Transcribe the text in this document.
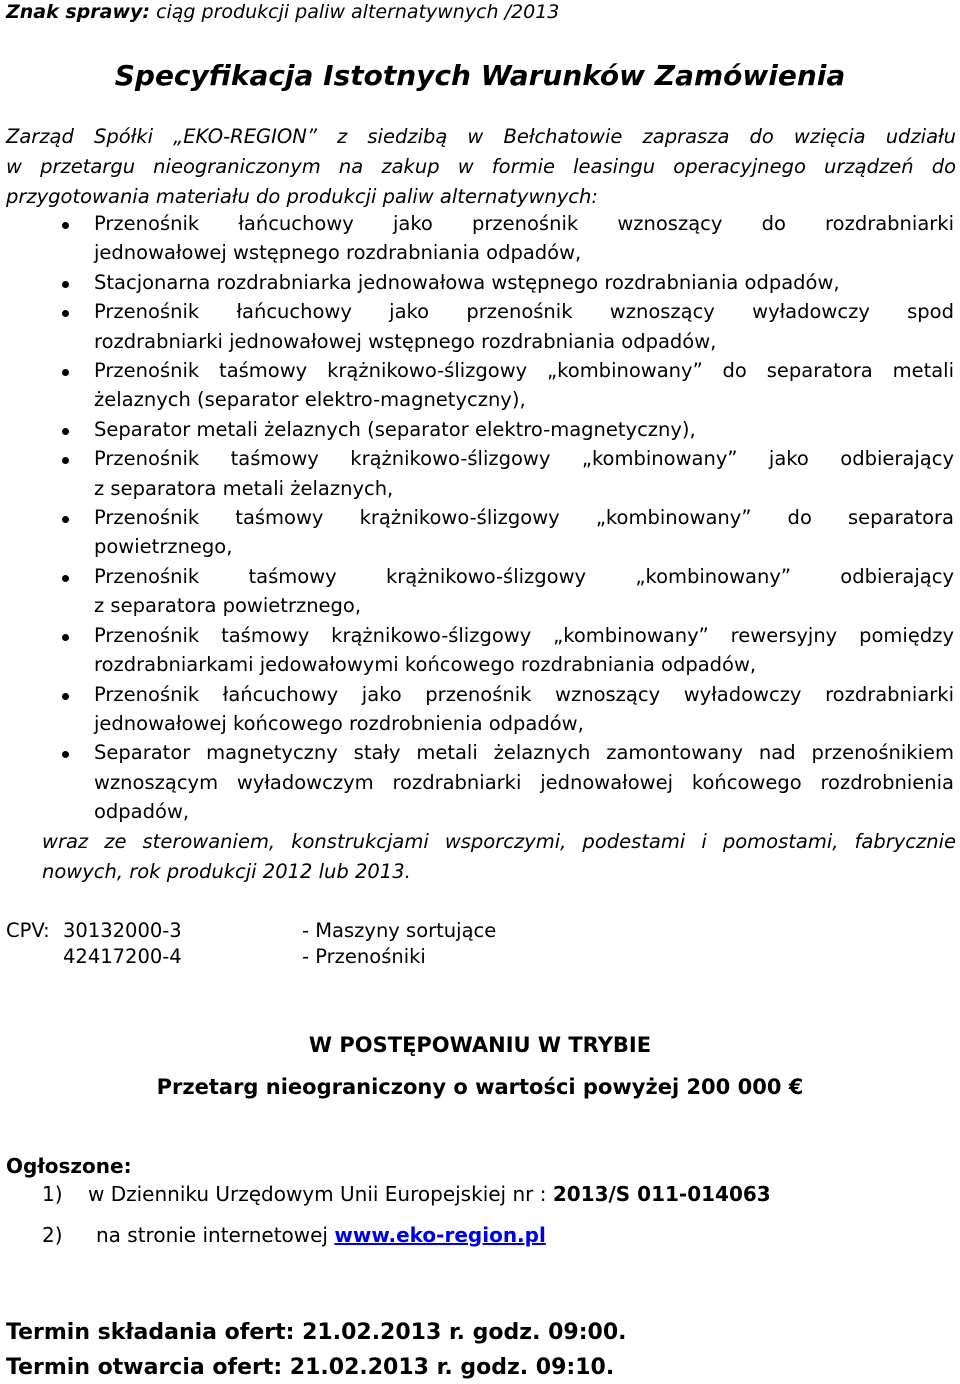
Znak sprawy: ciąg produkcji paliw alternatywnych /2013
Specyfikacja Istotnych Warunków Zamówienia
Zarząd Spółki „EKO-REGION” z siedzibą w Bełchatowie zaprasza do wzięcia udziału
w przetargu nieograniczonym na zakup w formie leasingu operacyjnego urządzeń do
przygotowania materiału do produkcji paliw alternatywnych:
Przenośnik łańcuchowy jako przenośnik wznoszący do rozdrabniarki
jednowałowej wstępnego rozdrabniania odpadów,
Stacjonarna rozdrabniarka jednowałowa wstępnego rozdrabniania odpadów,
Przenośnik łańcuchowy jako przenośnik wznoszący wyładowczy spod
rozdrabniarki jednowałowej wstępnego rozdrabniania odpadów,
Przenośnik taśmowy krążnikowo-ślizgowy „kombinowany” do separatora metali
żelaznych (separator elektro-magnetyczny),
Separator metali żelaznych (separator elektro-magnetyczny),
Przenośnik taśmowy krążnikowo-ślizgowy „kombinowany” jako odbierający
z separatora metali żelaznych,
Przenośnik taśmowy krążnikowo-ślizgowy „kombinowany” do separatora
powietrznego,
Przenośnik taśmowy krążnikowo-ślizgowy „kombinowany” odbierający
z separatora powietrznego,
Przenośnik taśmowy krążnikowo-ślizgowy „kombinowany” rewersyjny pomiędzy
rozdrabniarkami jedowałowymi końcowego rozdrabniania odpadów,
Przenośnik łańcuchowy jako przenośnik wznoszący wyładowczy rozdrabniarki
jednowałowej końcowego rozdrobnienia odpadów,
Separator magnetyczny stały metali żelaznych zamontowany nad przenośnikiem
wznoszącym wyładowczym rozdrabniarki jednowałowej końcowego rozdrobnienia
odpadów,
wraz ze sterowaniem, konstrukcjami wsporczymi, podestami i pomostami, fabrycznie
nowych, rok produkcji 2012 lub 2013.
CPV: 30132000-3	- Maszyny sortujące
42417200-4	- Przenośniki
W POSTĘPOWANIU W TRYBIE
Przetarg nieograniczony o wartości powyżej 200 000 €
Ogłoszone:
1) w Dzienniku Urzędowym Unii Europejskiej nr : 2013/S 011-014063
2) na stronie internetowej www.eko-region.pl
Termin składania ofert: 21.02.2013 r. godz. 09:00.
Termin otwarcia ofert: 21.02.2013 r. godz. 09:10.
